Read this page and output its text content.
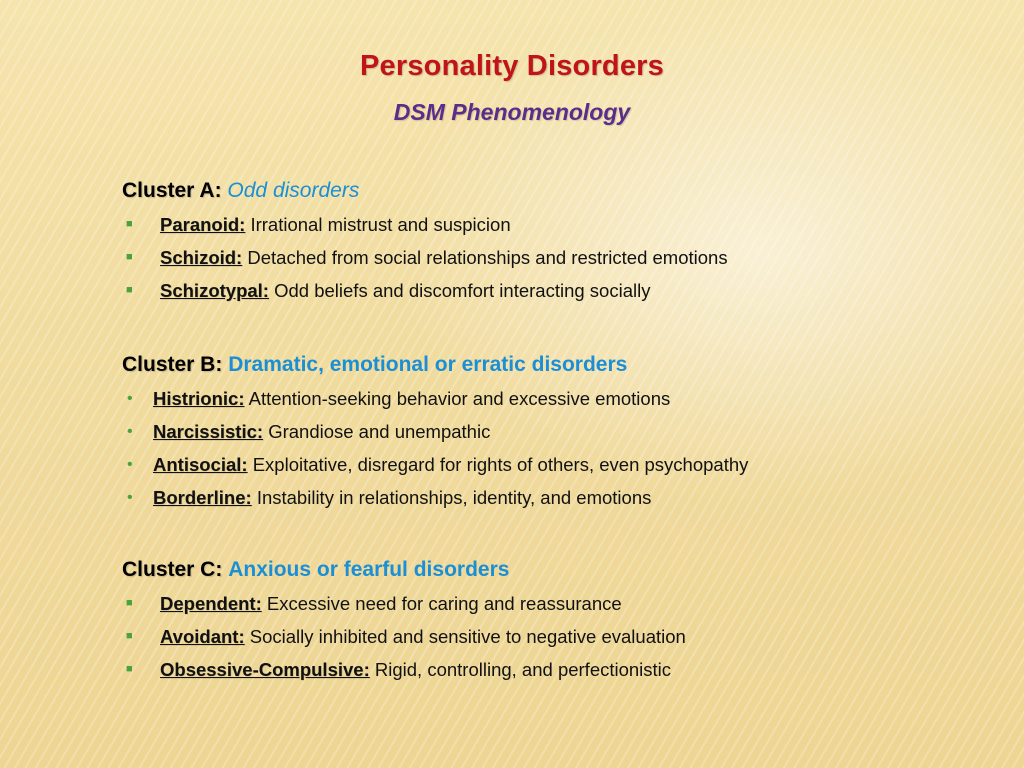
Personality Disorders
DSM Phenomenology
Cluster A: Odd disorders
■ Paranoid: Irrational mistrust and suspicion
■ Schizoid: Detached from social relationships and restricted emotions
■ Schizotypal: Odd beliefs and discomfort interacting socially
Cluster B: Dramatic, emotional or erratic disorders
• Histrionic: Attention-seeking behavior and excessive emotions
• Narcissistic: Grandiose and unempathic
• Antisocial: Exploitative, disregard for rights of others, even psychopathy
• Borderline: Instability in relationships, identity, and emotions
Cluster C: Anxious or fearful disorders
■ Dependent: Excessive need for caring and reassurance
■ Avoidant: Socially inhibited and sensitive to negative evaluation
■ Obsessive-Compulsive: Rigid, controlling, and perfectionistic
